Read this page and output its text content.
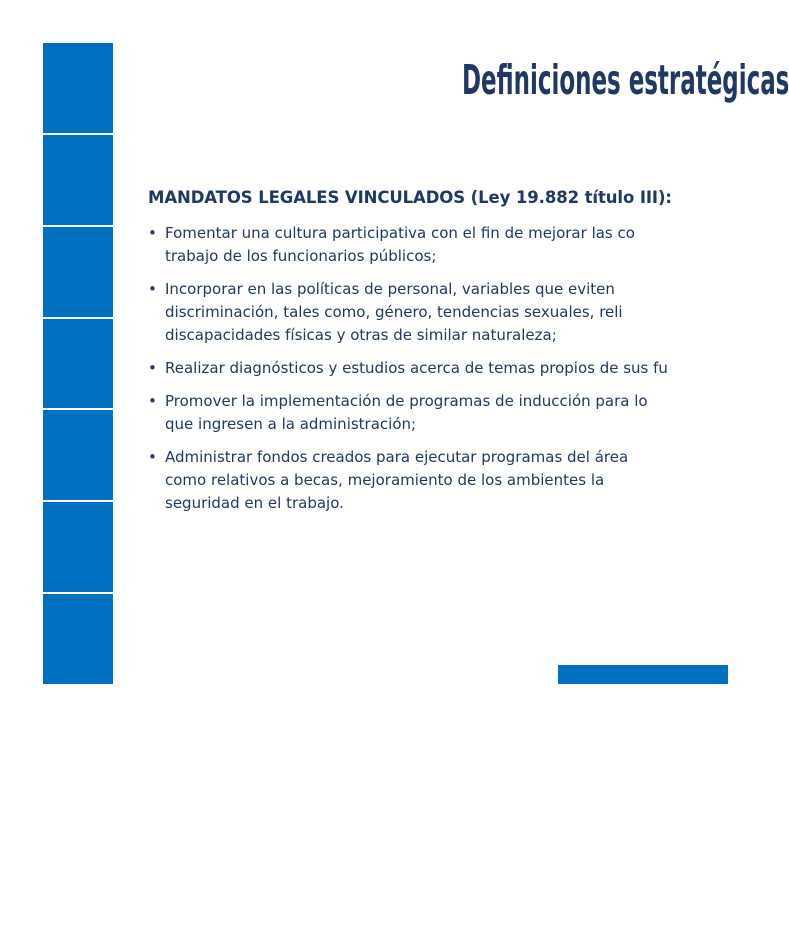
Definiciones estratégicas
MANDATOS LEGALES VINCULADOS (Ley 19.882 título III):
• Fomentar una cultura participativa con el fin de mejorar las co
trabajo de los funcionarios públicos;
• Incorporar en las políticas de personal, variables que eviten
discriminación, tales como, género, tendencias sexuales, reli
discapacidades físicas y otras de similar naturaleza;
• Realizar diagnósticos y estudios acerca de temas propios de sus fu
• Promover la implementación de programas de inducción para lo
que ingresen a la administración;
• Administrar fondos creados para ejecutar programas del área
como relativos a becas, mejoramiento de los ambientes la
seguridad en el trabajo.
